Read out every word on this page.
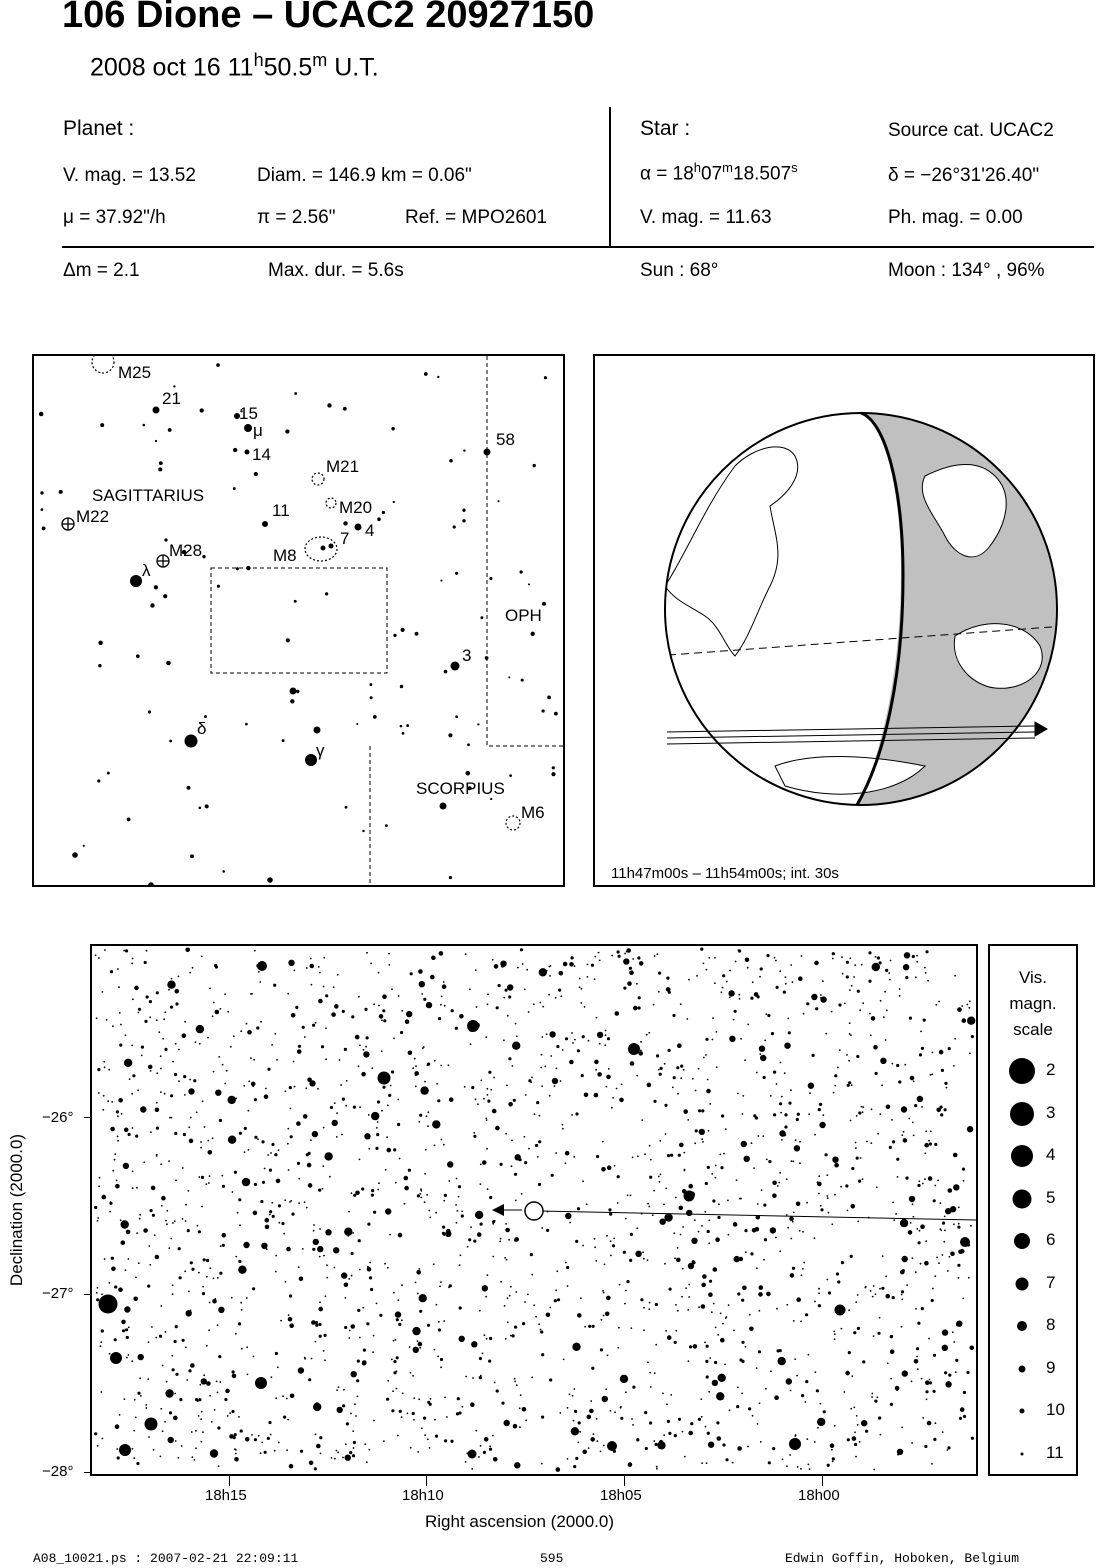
106 Dione – UCAC2 20927150
2008 oct 16 11$^h$50.5$^m$ U.T.
Planet :
V. mag. = 13.52	Diam. = 146.9 km = 0.06"
μ = 37.92"/h	π = 2.56"	Ref. = MPO2601
Star :	Source cat. UCAC2
$\alpha = 18^h07^m18.507^s$	δ = −26°31'26.40"
V. mag. = 11.63	Ph. mag. = 0.00
Δm = 2.1	Max. dur. = 5.6s	Sun : 68°	Moon : 134° , 96%
M25
21
15
μ
14
58
M21
SAGITTARIUS
M20
M22	11
4
7
M8
M28
λ
OPH
3
δ
γ
SCORPIUS
M6
11h47m00s – 11h54m00s; int. 30s
−26°
−27°
−28°
18h15	18h10	18h05	18h00
Right ascension (2000.0)
Declination (2000.0)
Vis.
magn.
scale
2
3
4
5
6
7
8
9
10
11
A08_10021.ps : 2007-02-21 22:09:11	595	Edwin Goffin, Hoboken, Belgium
